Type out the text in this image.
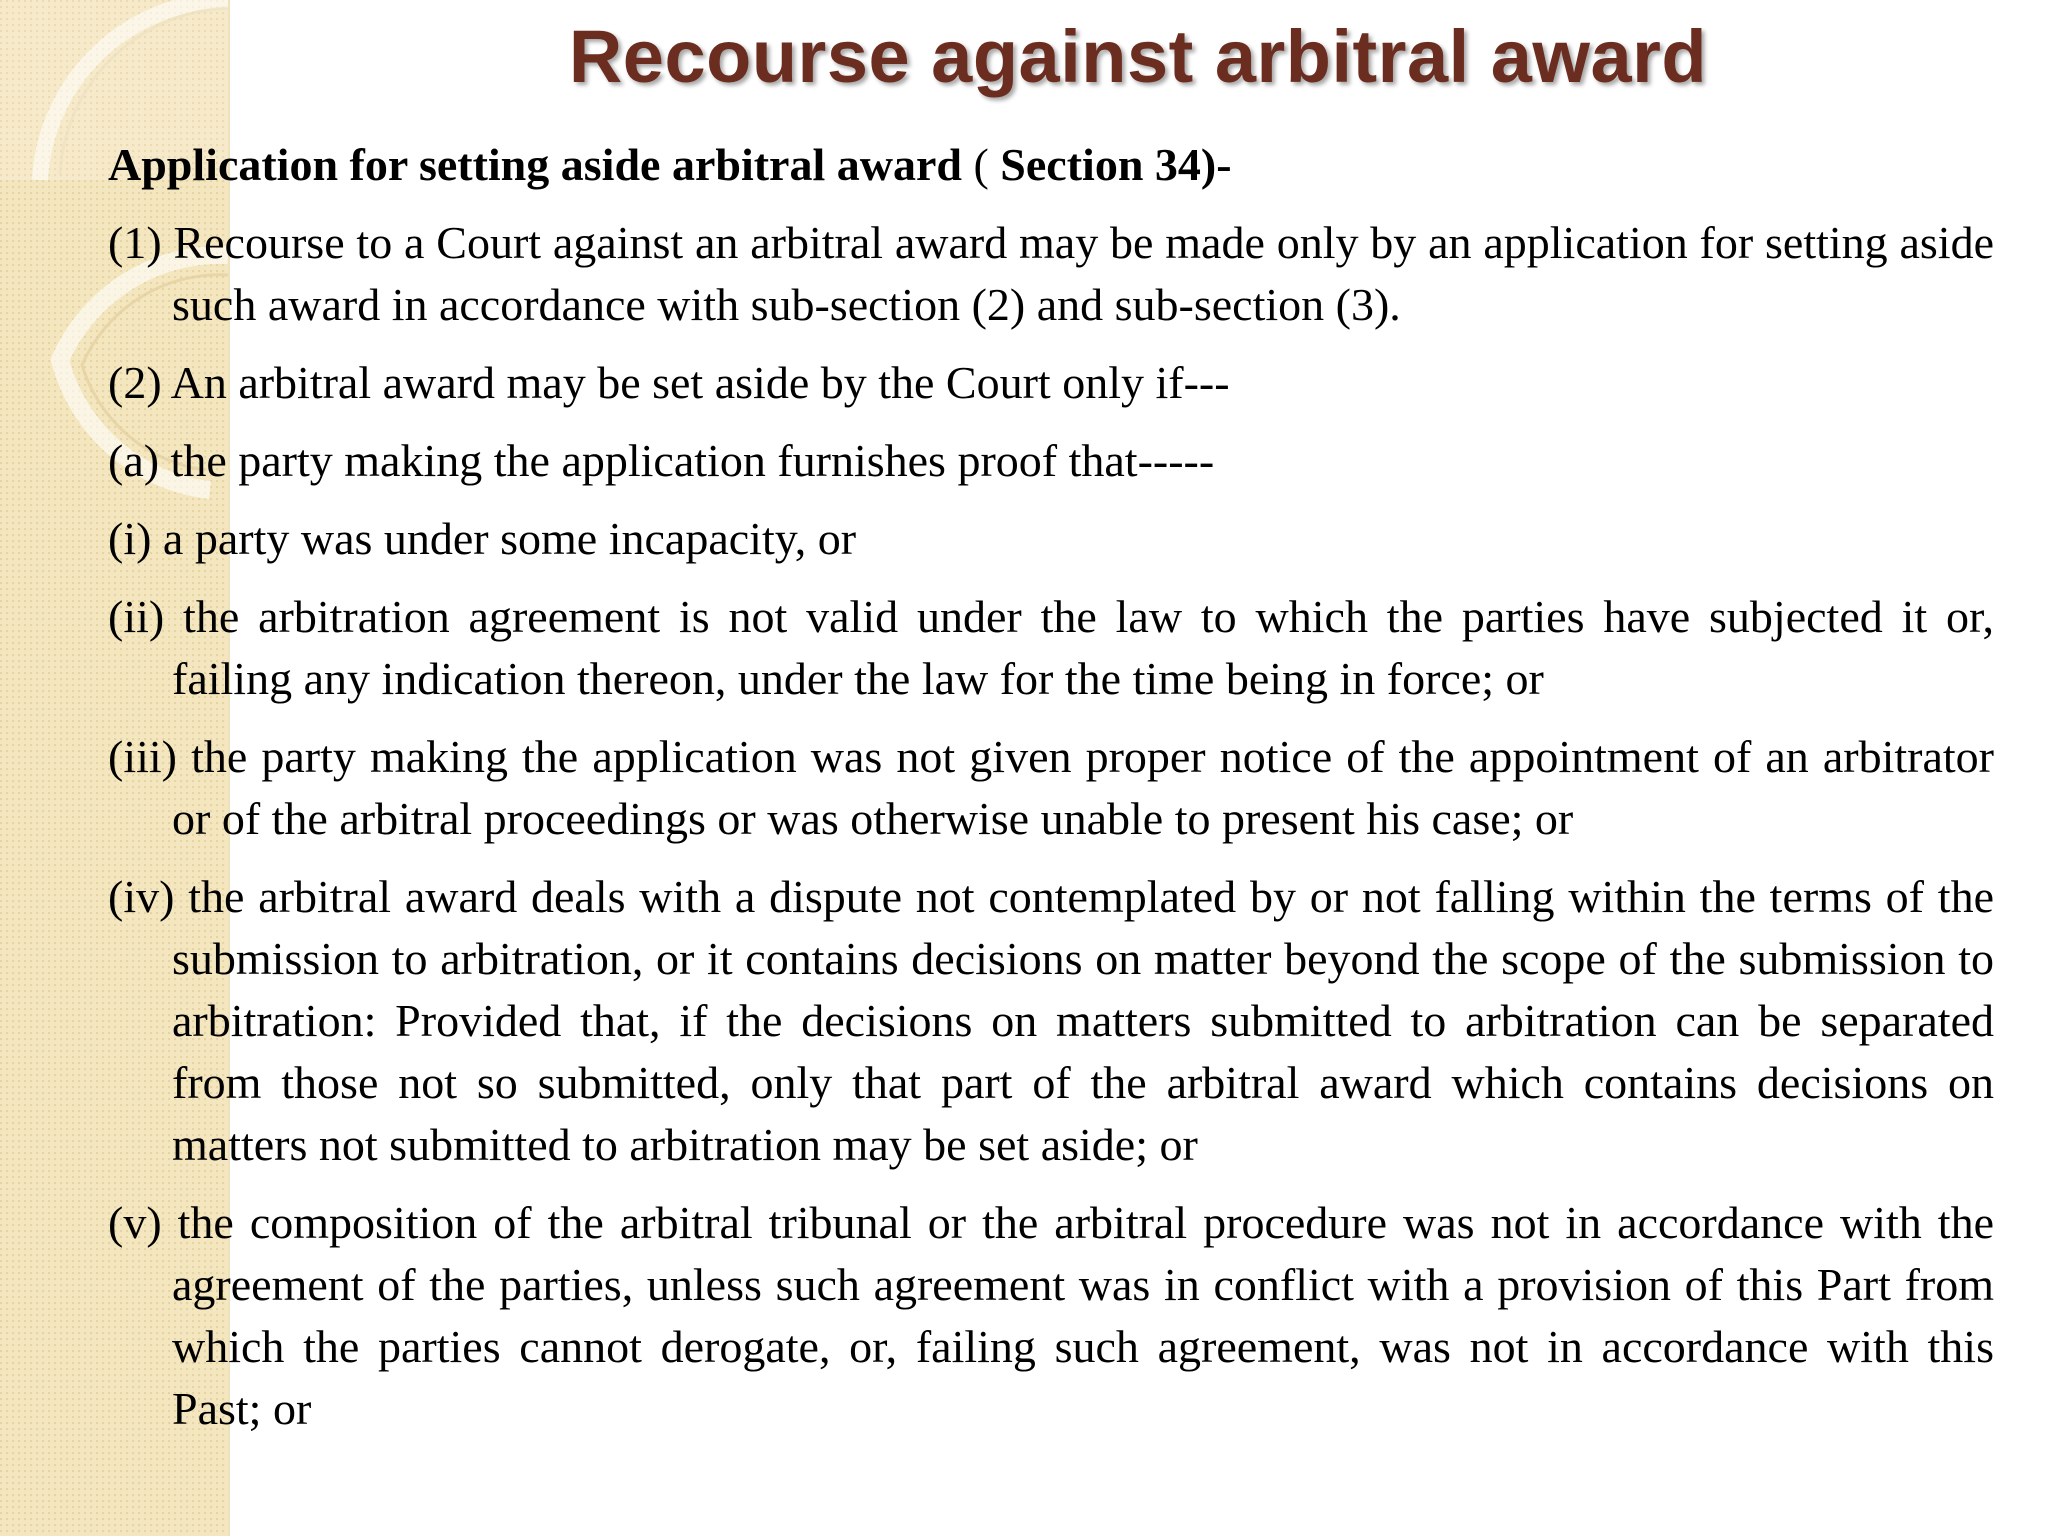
Recourse against arbitral award

Application for setting aside arbitral award ( Section 34)-

(1) Recourse to a Court against an arbitral award may be made only by an application for setting aside such award in accordance with sub-section (2) and sub-section (3).

(2) An arbitral award may be set aside by the Court only if---

(a) the party making the application furnishes proof that-----

(i) a party was under some incapacity, or

(ii) the arbitration agreement is not valid under the law to which the parties have subjected it or, failing any indication thereon, under the law for the time being in force; or

(iii) the party making the application was not given proper notice of the appointment of an arbitrator or of the arbitral proceedings or was otherwise unable to present his case; or

(iv) the arbitral award deals with a dispute not contemplated by or not falling within the terms of the submission to arbitration, or it contains decisions on matter beyond the scope of the submission to arbitration: Provided that, if the decisions on matters submitted to arbitration can be separated from those not so submitted, only that part of the arbitral award which contains decisions on matters not submitted to arbitration may be set aside; or

(v) the composition of the arbitral tribunal or the arbitral procedure was not in accordance with the agreement of the parties, unless such agreement was in conflict with a provision of this Part from which the parties cannot derogate, or, failing such agreement, was not in accordance with this Past; or
